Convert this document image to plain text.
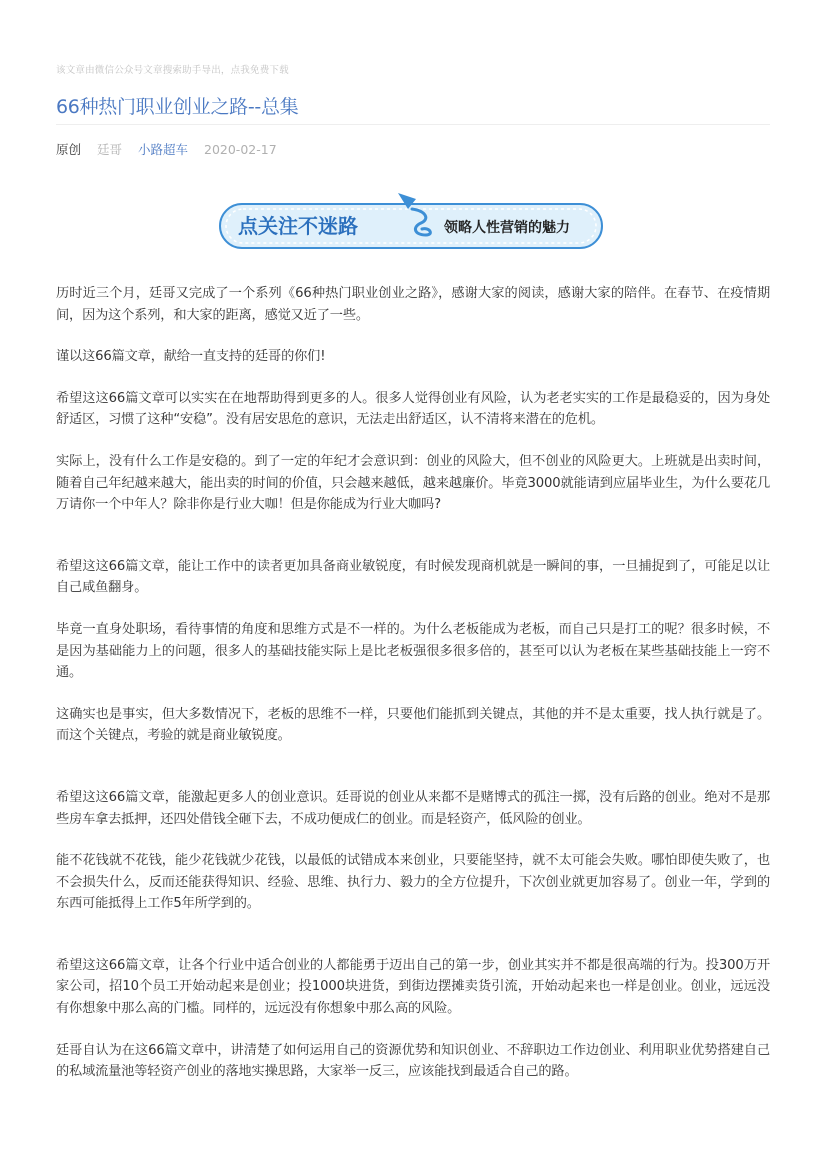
该文章由微信公众号文章搜索助手导出，点我免费下载
66种热门职业创业之路--总集
原创 廷哥 小路超车 2020-02-17
点关注不迷路	领略人性营销的魅力

历时近三个月，廷哥又完成了一个系列《66种热门职业创业之路》，感谢大家的阅读，感谢大家的陪伴。在春节、在疫情期间，因为这个系列，和大家的距离，感觉又近了一些。

谨以这66篇文章，献给一直支持的廷哥的你们!

希望这这66篇文章可以实实在在地帮助得到更多的人。很多人觉得创业有风险，认为老老实实的工作是最稳妥的，因为身处舒适区，习惯了这种“安稳”。没有居安思危的意识，无法走出舒适区，认不清将来潜在的危机。

实际上，没有什么工作是安稳的。到了一定的年纪才会意识到：创业的风险大，但不创业的风险更大。上班就是出卖时间，随着自己年纪越来越大，能出卖的时间的价值，只会越来越低，越来越廉价。毕竟3000就能请到应届毕业生，为什么要花几万请你一个中年人？除非你是行业大咖！但是你能成为行业大咖吗?

希望这这66篇文章，能让工作中的读者更加具备商业敏锐度，有时候发现商机就是一瞬间的事，一旦捕捉到了，可能足以让自己咸鱼翻身。

毕竟一直身处职场，看待事情的角度和思维方式是不一样的。为什么老板能成为老板，而自己只是打工的呢？很多时候，不是因为基础能力上的问题，很多人的基础技能实际上是比老板强很多很多倍的，甚至可以认为老板在某些基础技能上一窍不通。

这确实也是事实，但大多数情况下，老板的思维不一样，只要他们能抓到关键点，其他的并不是太重要，找人执行就是了。而这个关键点，考验的就是商业敏锐度。

希望这这66篇文章，能激起更多人的创业意识。廷哥说的创业从来都不是赌博式的孤注一掷，没有后路的创业。绝对不是那些房车拿去抵押，还四处借钱全砸下去，不成功便成仁的创业。而是轻资产，低风险的创业。

能不花钱就不花钱，能少花钱就少花钱，以最低的试错成本来创业，只要能坚持，就不太可能会失败。哪怕即使失败了，也不会损失什么，反而还能获得知识、经验、思维、执行力、毅力的全方位提升，下次创业就更加容易了。创业一年，学到的东西可能抵得上工作5年所学到的。

希望这这66篇文章，让各个行业中适合创业的人都能勇于迈出自己的第一步，创业其实并不都是很高端的行为。投300万开家公司，招10个员工开始动起来是创业；投1000块进货，到街边摆摊卖货引流，开始动起来也一样是创业。创业，远远没有你想象中那么高的门槛。同样的，远远没有你想象中那么高的风险。

廷哥自认为在这66篇文章中，讲清楚了如何运用自己的资源优势和知识创业、不辞职边工作边创业、利用职业优势搭建自己的私域流量池等轻资产创业的落地实操思路，大家举一反三，应该能找到最适合自己的路。
